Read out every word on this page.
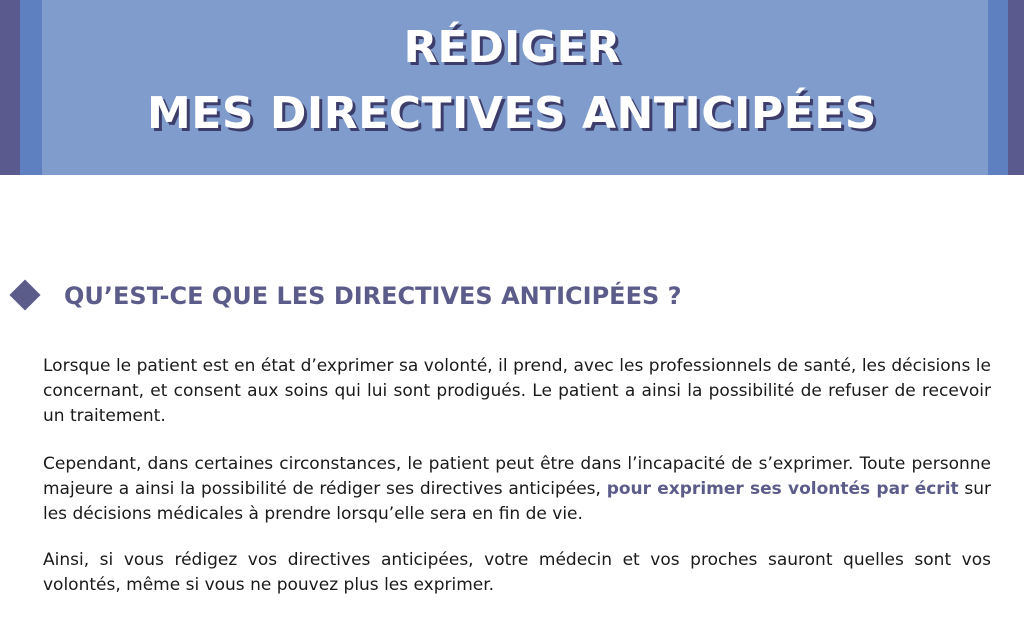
RÉDIGER
MES DIRECTIVES ANTICIPÉES
QU’EST-CE QUE LES DIRECTIVES ANTICIPÉES ?

Lorsque le patient est en état d’exprimer sa volonté, il prend, avec les professionnels de santé, les décisions le concernant, et consent aux soins qui lui sont prodigués. Le patient a ainsi la possibilité de refuser de recevoir un traitement.

Cependant, dans certaines circonstances, le patient peut être dans l’incapacité de s’exprimer. Toute personne majeure a ainsi la possibilité de rédiger ses directives anticipées, pour exprimer ses volontés par écrit sur les décisions médicales à prendre lorsqu’elle sera en fin de vie.

Ainsi, si vous rédigez vos directives anticipées, votre médecin et vos proches sauront quelles sont vos volontés, même si vous ne pouvez plus les exprimer.
